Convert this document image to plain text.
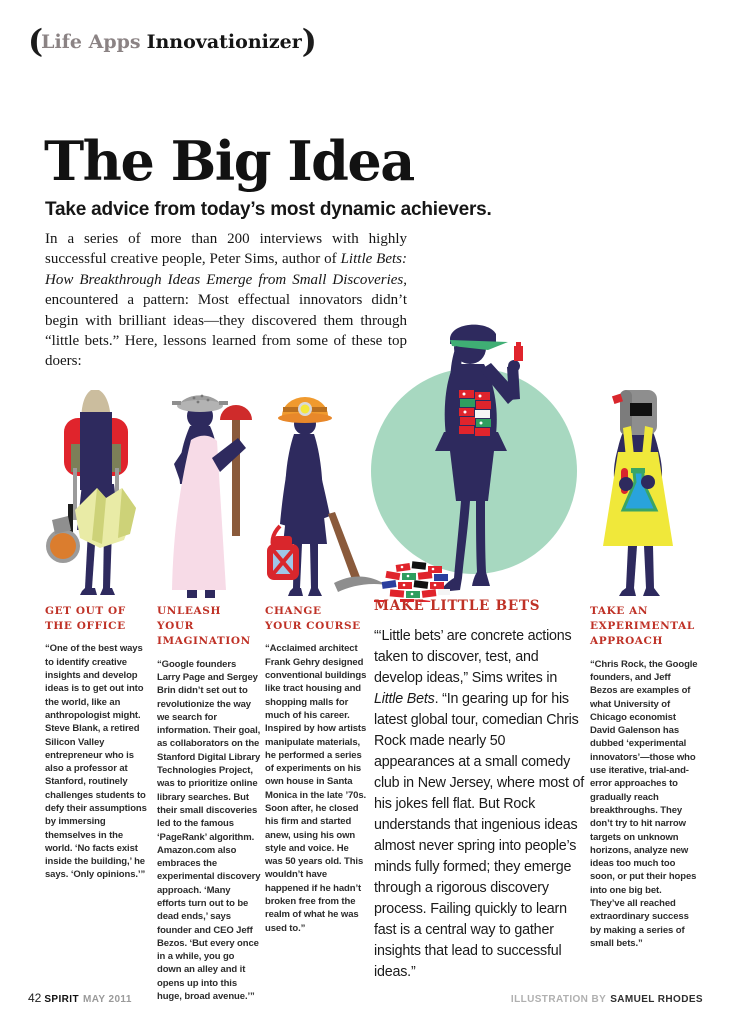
(Life Apps Innovationizer)
The Big Idea
Take advice from today’s most dynamic achievers.

In a series of more than 200 interviews with highly successful creative people, Peter Sims, author of Little Bets: How Breakthrough Ideas Emerge from Small Discoveries, encountered a pattern: Most effectual innovators didn’t begin with brilliant ideas—they discovered them through “little bets.” Here, lessons learned from some of these top doers:

GET OUT OF THE OFFICE
“One of the best ways to identify creative insights and develop ideas is to get out into the world, like an anthropologist might. Steve Blank, a retired Silicon Valley entrepreneur who is also a professor at Stanford, routinely challenges students to defy their assumptions by immersing themselves in the world. ‘No facts exist inside the building,’ he says. ‘Only opinions.’”
UNLEASH YOUR IMAGINATION
“Google founders Larry Page and Sergey Brin didn’t set out to revolutionize the way we search for information. Their goal, as collaborators on the Stanford Digital Library Technologies Project, was to prioritize online library searches. But their small discoveries led to the famous ‘PageRank’ algorithm. Amazon.com also embraces the experimental discovery approach. ‘Many efforts turn out to be dead ends,’ says founder and CEO Jeff Bezos. ‘But every once in a while, you go down an alley and it opens up into this huge, broad avenue.’”
CHANGE YOUR COURSE
“Acclaimed architect Frank Gehry designed conventional buildings like tract housing and shopping malls for much of his career. Inspired by how artists manipulate materials, he performed a series of experiments on his own house in Santa Monica in the late ’70s. Soon after, he closed his firm and started anew, using his own style and voice. He was 50 years old. This wouldn’t have happened if he hadn’t broken free from the realm of what he was used to.”
MAKE LITTLE BETS
“‘Little bets’ are concrete actions taken to discover, test, and develop ideas,” Sims writes in Little Bets. “In gearing up for his latest global tour, comedian Chris Rock made nearly 50 appearances at a small comedy club in New Jersey, where most of his jokes fell flat. But Rock understands that ingenious ideas almost never spring into people’s minds fully formed; they emerge through a rigorous discovery process. Failing quickly to learn fast is a central way to gather insights that lead to successful ideas.”
TAKE AN EXPERIMENTAL APPROACH
“Chris Rock, the Google founders, and Jeff Bezos are examples of what University of Chicago economist David Galenson has dubbed ‘experimental innovators’—those who use iterative, trial-and-error approaches to gradually reach breakthroughs. They don’t try to hit narrow targets on unknown horizons, analyze new ideas too much too soon, or put their hopes into one big bet. They’ve all reached extraordinary success by making a series of small bets.”
42 SPIRIT MAY 2011	ILLUSTRATION BY SAMUEL RHODES
